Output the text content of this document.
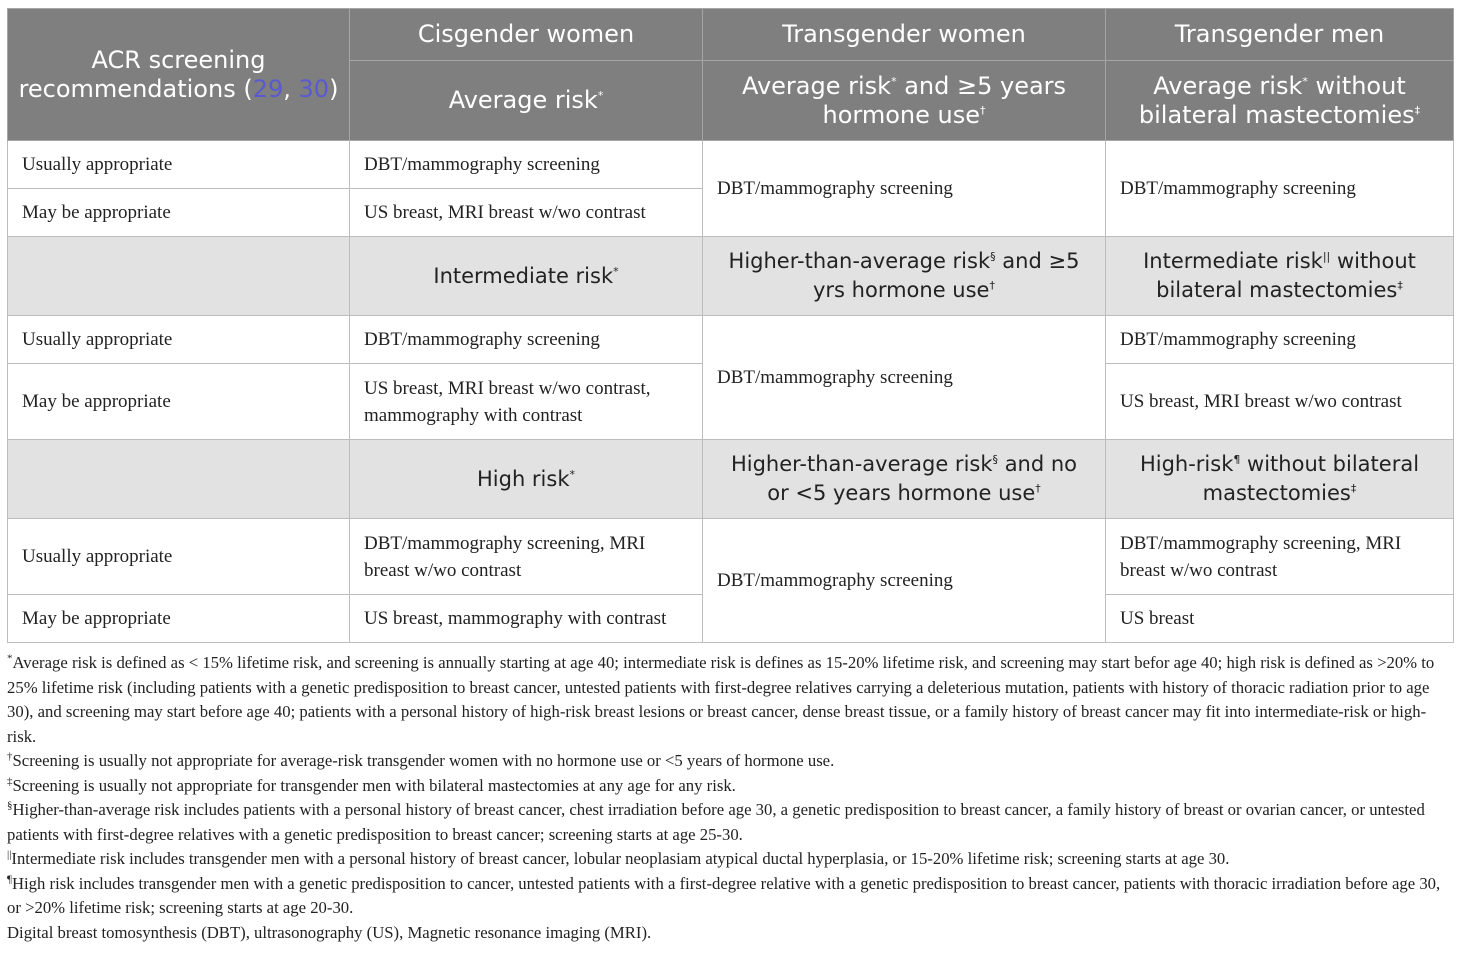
ACR screening
recommendations (29, 30)	Cisgender women	Transgender women	Transgender men
	Average risk*	Average risk* and ≥5 years hormone use†	Average risk* without bilateral mastectomies‡
Usually appropriate	DBT/mammography screening	DBT/mammography screening	DBT/mammography screening
May be appropriate	US breast, MRI breast w/wo contrast		
	Intermediate risk*	Higher-than-average risk§ and ≥5 yrs hormone use†	Intermediate risk|| without bilateral mastectomies‡
Usually appropriate	DBT/mammography screening	DBT/mammography screening	DBT/mammography screening
May be appropriate	US breast, MRI breast w/wo contrast, mammography with contrast		US breast, MRI breast w/wo contrast
	High risk*	Higher-than-average risk§ and no or <5 years hormone use†	High-risk¶ without bilateral mastectomies‡
Usually appropriate	DBT/mammography screening, MRI breast w/wo contrast	DBT/mammography screening	DBT/mammography screening, MRI breast w/wo contrast
May be appropriate	US breast, mammography with contrast		US breast

*Average risk is defined as < 15% lifetime risk, and screening is annually starting at age 40; intermediate risk is defines as 15-20% lifetime risk, and screening may start befor age 40; high risk is defined as >20% to 25% lifetime risk (including patients with a genetic predisposition to breast cancer, untested patients with first-degree relatives carrying a deleterious mutation, patients with history of thoracic radiation prior to age 30), and screening may start before age 40; patients with a personal history of high-risk breast lesions or breast cancer, dense breast tissue, or a family history of breast cancer may fit into intermediate-risk or high-risk.

†Screening is usually not appropriate for average-risk transgender women with no hormone use or <5 years of hormone use.

‡Screening is usually not appropriate for transgender men with bilateral mastectomies at any age for any risk.

§Higher-than-average risk includes patients with a personal history of breast cancer, chest irradiation before age 30, a genetic predisposition to breast cancer, a family history of breast or ovarian cancer, or untested patients with first-degree relatives with a genetic predisposition to breast cancer; screening starts at age 25-30.

||Intermediate risk includes transgender men with a personal history of breast cancer, lobular neoplasiam atypical ductal hyperplasia, or 15-20% lifetime risk; screening starts at age 30.

¶High risk includes transgender men with a genetic predisposition to cancer, untested patients with a first-degree relative with a genetic predisposition to breast cancer, patients with thoracic irradiation before age 30, or >20% lifetime risk; screening starts at age 20-30.

Digital breast tomosynthesis (DBT), ultrasonography (US), Magnetic resonance imaging (MRI).
